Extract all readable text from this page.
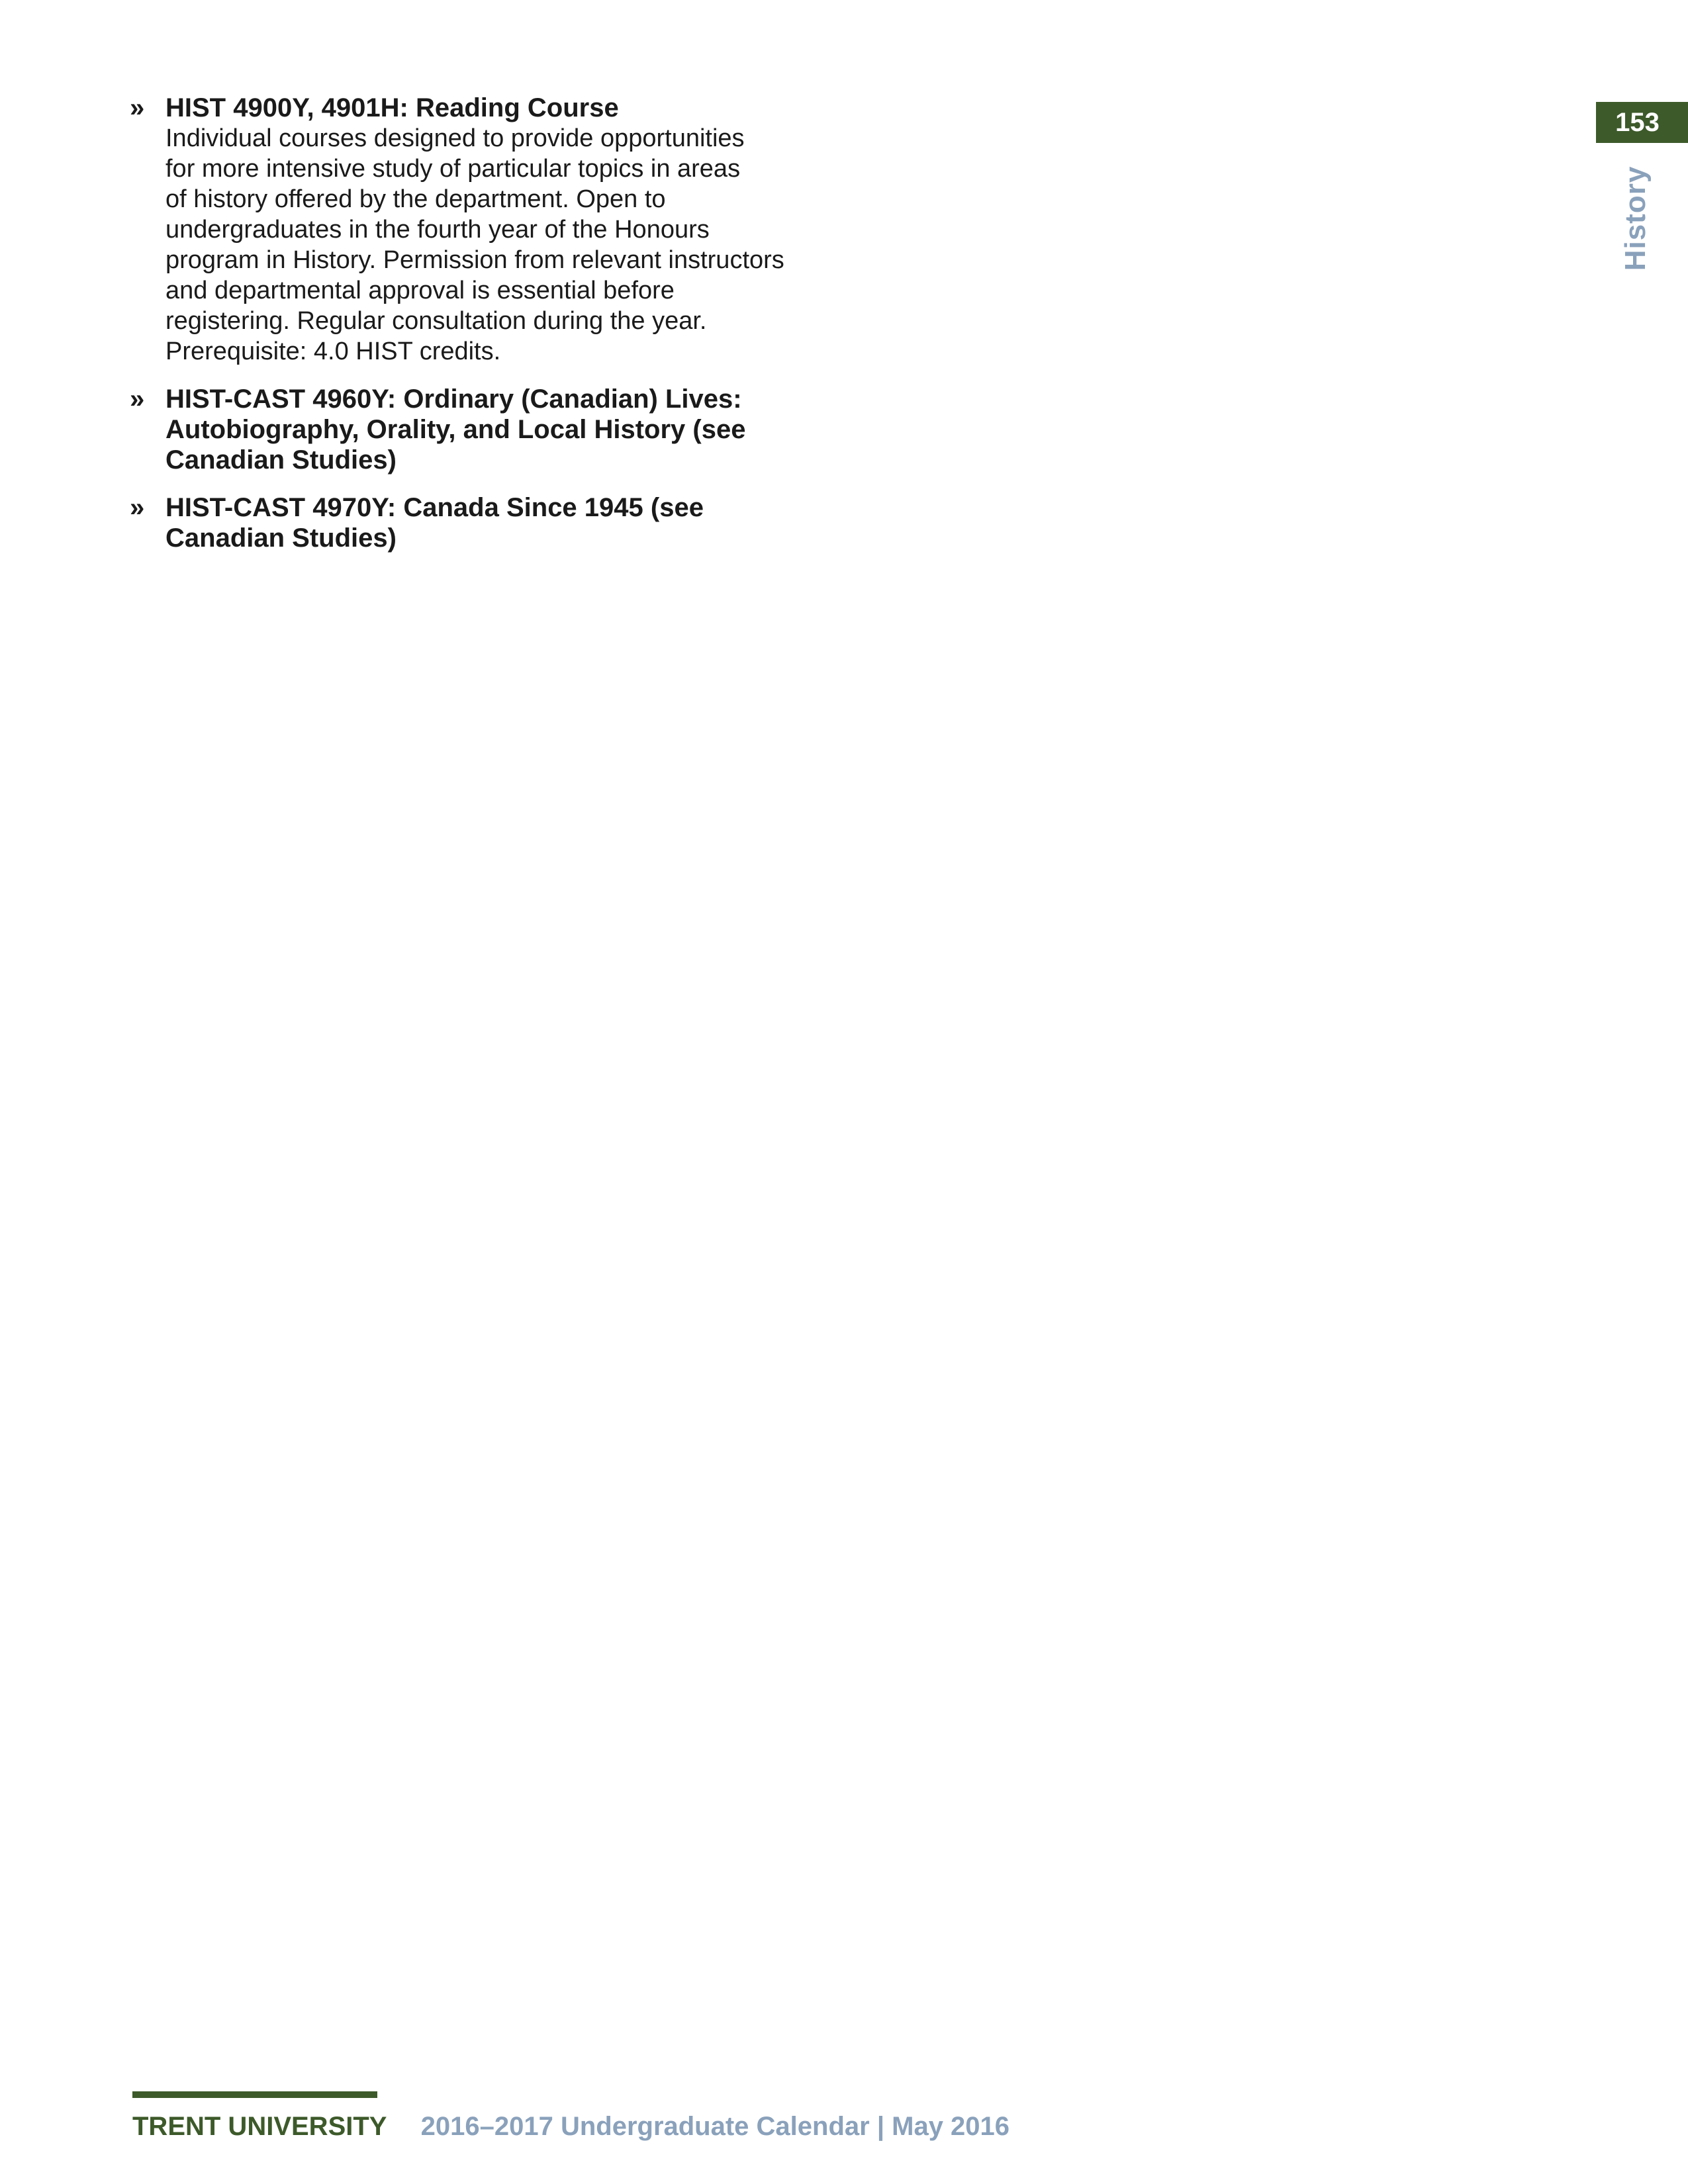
153
History
» HIST 4900Y, 4901H: Reading Course

Individual courses designed to provide opportunities
for more intensive study of particular topics in areas
of history offered by the department. Open to
undergraduates in the fourth year of the Honours
program in History. Permission from relevant instructors
and departmental approval is essential before
registering. Regular consultation during the year.
Prerequisite: 4.0 HIST credits.

» HIST-CAST 4960Y: Ordinary (Canadian) Lives:
Autobiography, Orality, and Local History (see
Canadian Studies)

» HIST-CAST 4970Y: Canada Since 1945 (see
Canadian Studies)

TRENT UNIVERSITY 2016–2017 Undergraduate Calendar | May 2016
